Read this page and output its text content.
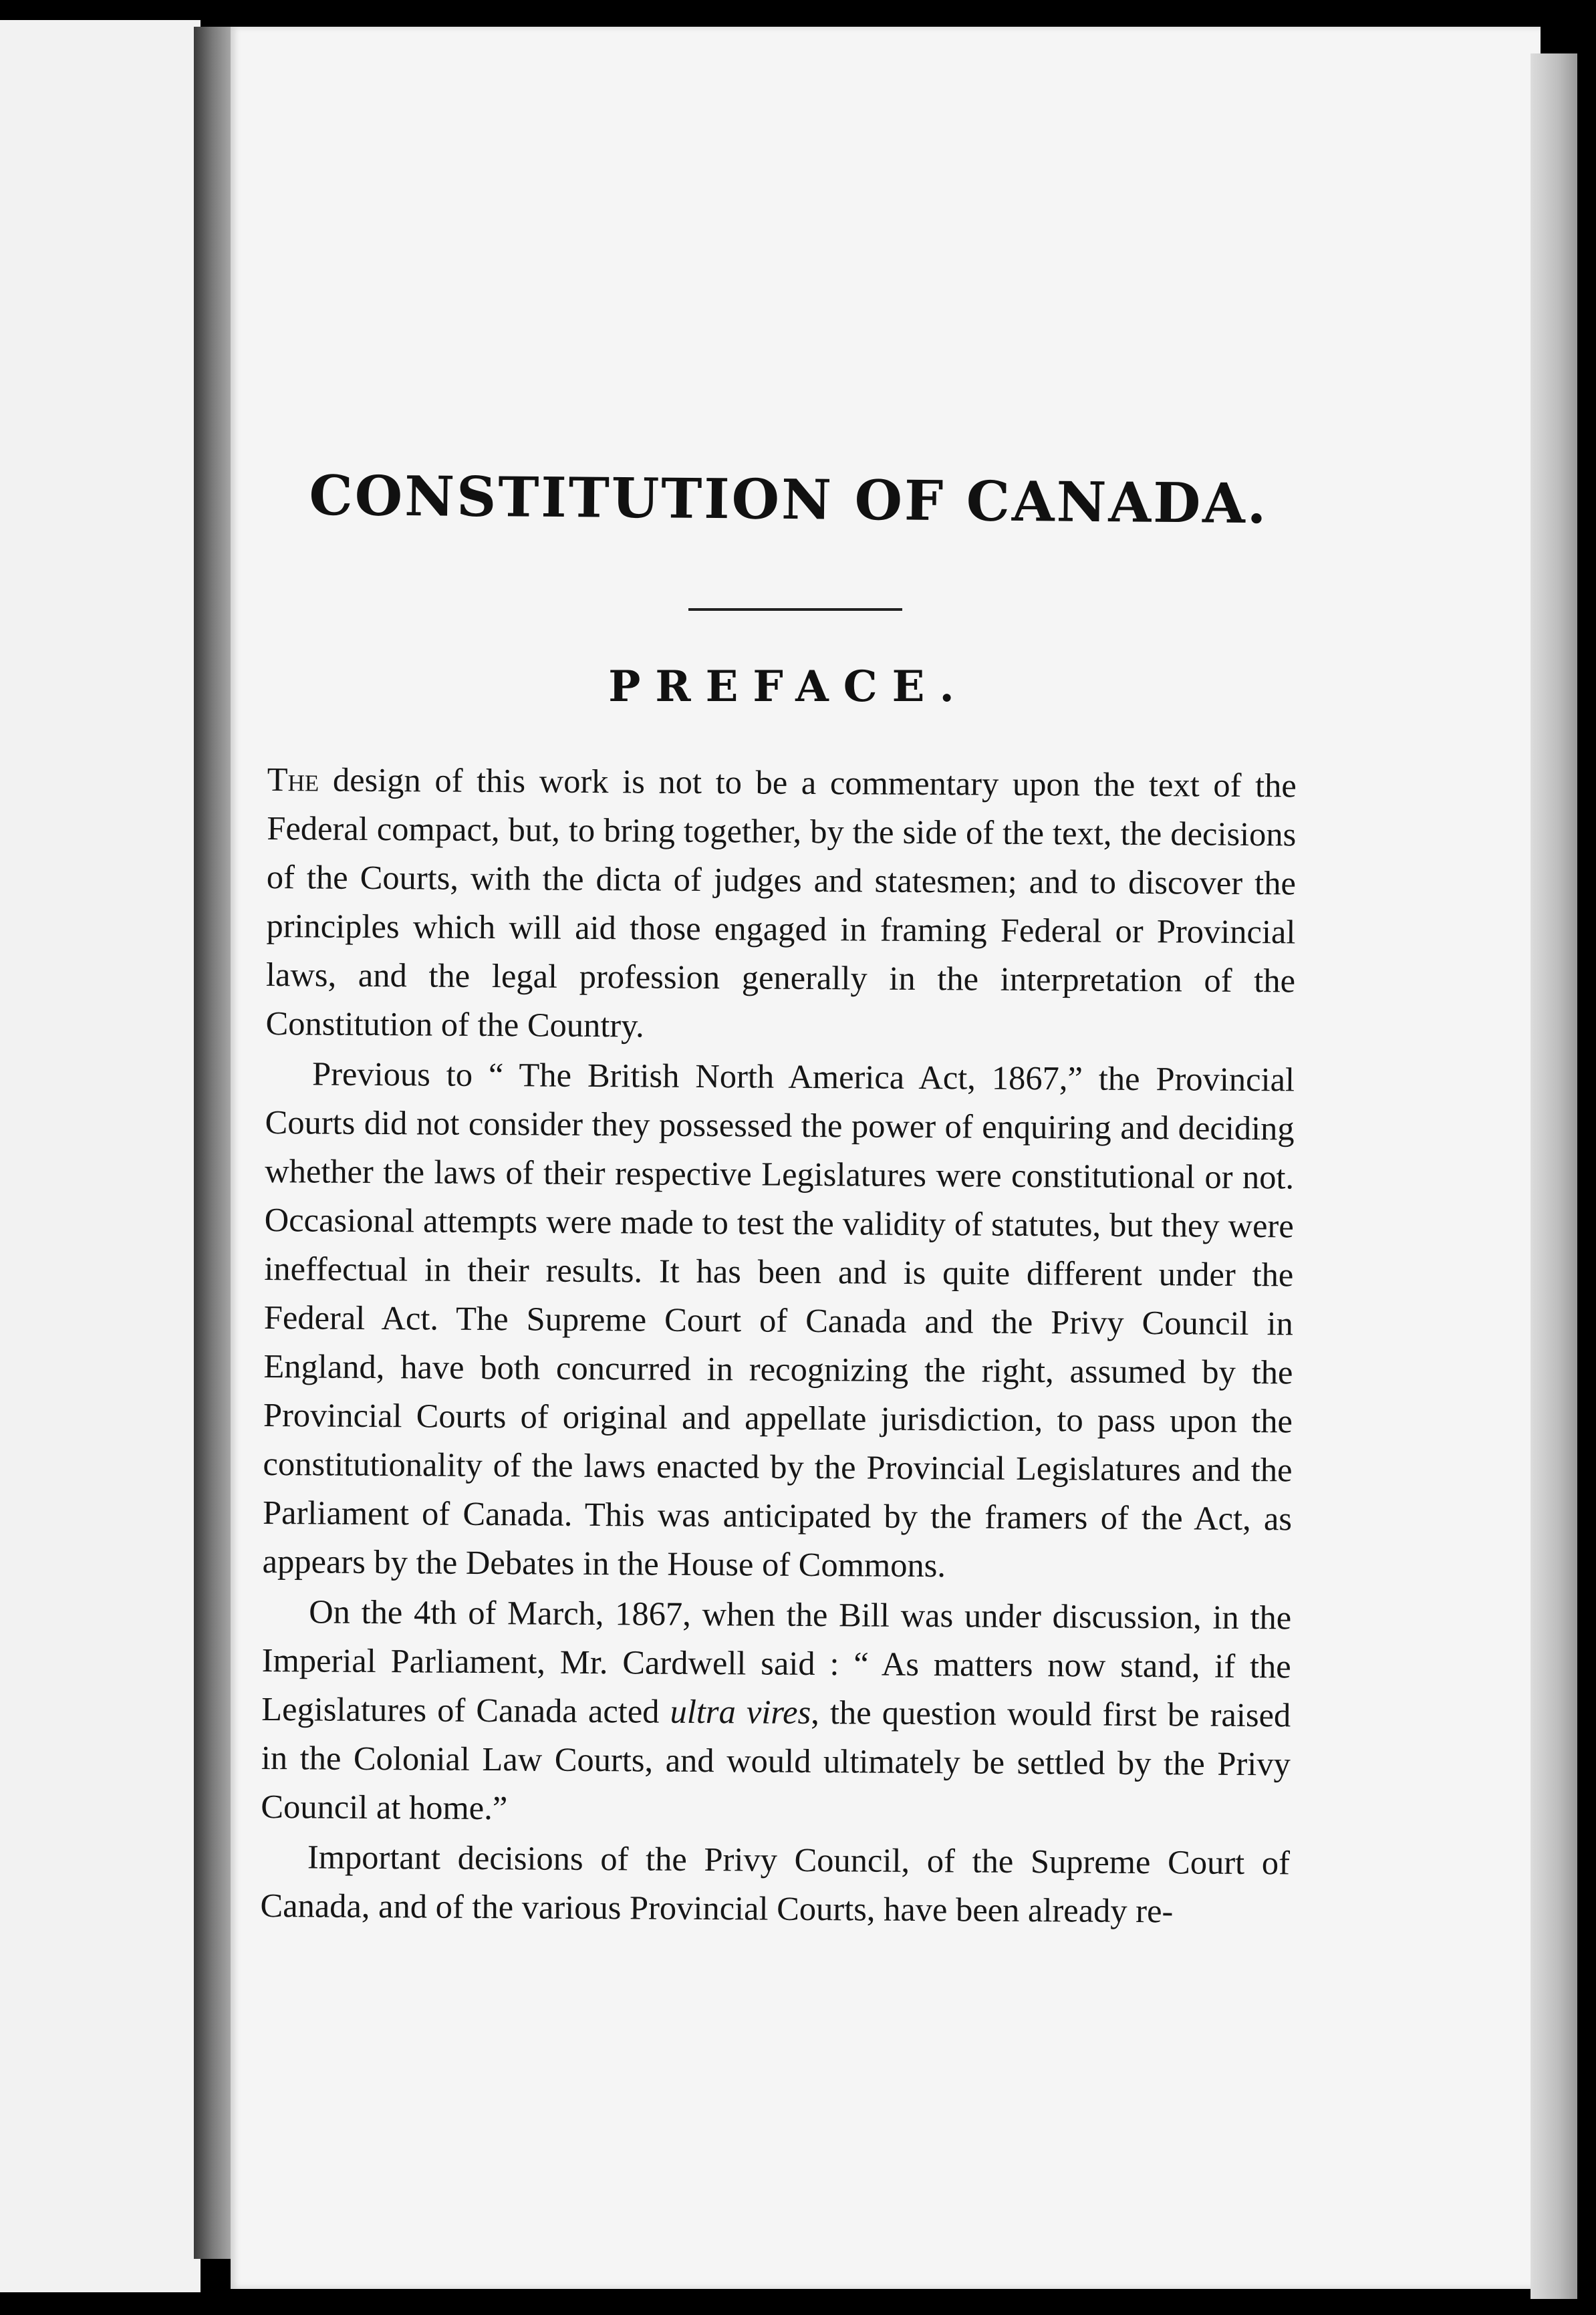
CONSTITUTION OF CANADA.
PREFACE.

The design of this work is not to be a commentary upon the text of the Federal compact, but, to bring together, by the side of the text, the decisions of the Courts, with the dicta of judges and statesmen; and to discover the principles which will aid those engaged in framing Federal or Provincial laws, and the legal profession generally in the interpretation of the Constitution of the Country.

Previous to “ The British North America Act, 1867,” the Provincial Courts did not consider they possessed the power of enquiring and deciding whether the laws of their respective Legislatures were constitutional or not. Occasional attempts were made to test the validity of statutes, but they were ineffectual in their results. It has been and is quite different under the Federal Act. The Supreme Court of Canada and the Privy Council in England, have both concurred in recognizing the right, assumed by the Provincial Courts of original and appellate jurisdiction, to pass upon the constitutionality of the laws enacted by the Provincial Legislatures and the Parliament of Canada. This was anticipated by the framers of the Act, as appears by the Debates in the House of Commons.

On the 4th of March, 1867, when the Bill was under discussion, in the Imperial Parliament, Mr. Cardwell said : “ As matters now stand, if the Legislatures of Canada acted ultra vires, the question would first be raised in the Colonial Law Courts, and would ultimately be settled by the Privy Council at home.”

Important decisions of the Privy Council, of the Supreme Court of Canada, and of the various Provincial Courts, have been already re-
